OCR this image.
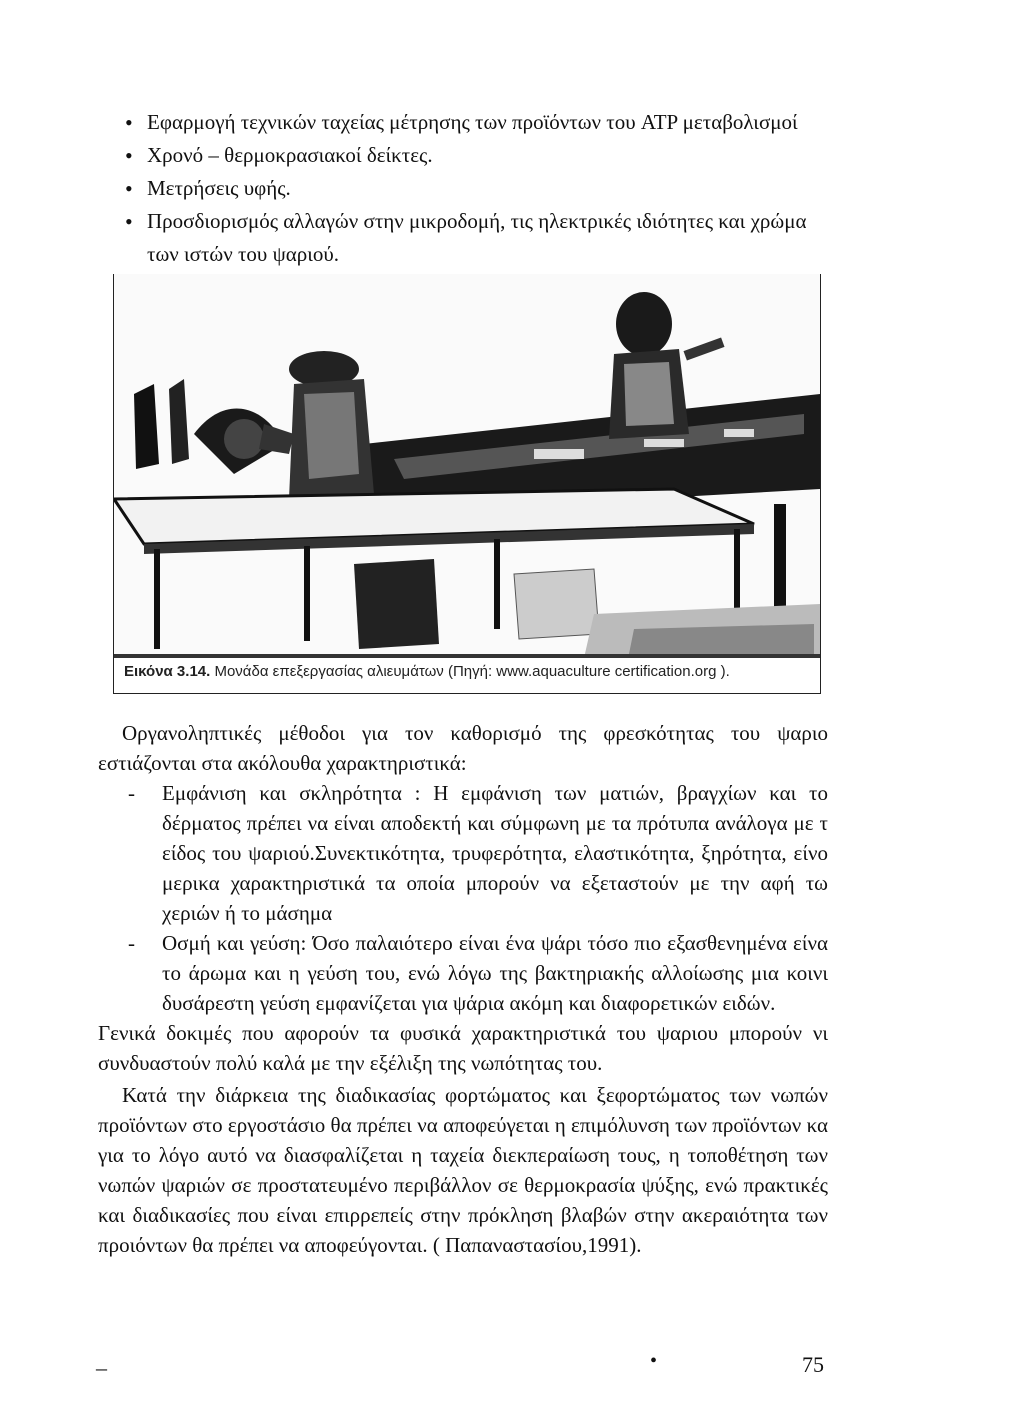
• Εφαρμογή τεχνικών ταχείας μέτρησης των προϊόντων του ATP μεταβολισμοί
• Χρονό – θερμοκρασιακοί δείκτες.
• Μετρήσεις υφής.
• Προσδιορισμός αλλαγών στην μικροδομή, τις ηλεκτρικές ιδιότητες και χρώμα των ιστών του ψαριού.
Εικόνα 3.14. Μονάδα επεξεργασίας αλιευμάτων (Πηγή: www.aquaculture certification.org ).

Οργανοληπτικές μέθοδοι για τον καθορισμό της φρεσκότητας του ψαριο εστιάζονται στα ακόλουθα χαρακτηριστικά:

- Εμφάνιση και σκληρότητα : Η εμφάνιση των ματιών, βραγχίων και το δέρματος πρέπει να είναι αποδεκτή και σύμφωνη με τα πρότυπα ανάλογα με τ είδος του ψαριού.Συνεκτικότητα, τρυφερότητα, ελαστικότητα, ξηρότητα, είνο μερικα χαρακτηριστικά τα οποία μπορούν να εξεταστούν με την αφή τω χεριών ή το μάσημα
- Οσμή και γεύση: Όσο παλαιότερο είναι ένα ψάρι τόσο πιο εξασθενημένα είνα το άρωμα και η γεύση του, ενώ λόγω της βακτηριακής αλλοίωσης μια κοινι δυσάρεστη γεύση εμφανίζεται για ψάρια ακόμη και διαφορετικών ειδών.

Γενικά δοκιμές που αφορούν τα φυσικά χαρακτηριστικά του ψαριου μπορούν νι συνδυαστούν πολύ καλά με την εξέλιξη της νωπότητας του.

Κατά την διάρκεια της διαδικασίας φορτώματος και ξεφορτώματος των νωπών προϊόντων στο εργοστάσιο θα πρέπει να αποφεύγεται η επιμόλυνση των προϊόντων κα για το λόγο αυτό να διασφαλίζεται η ταχεία διεκπεραίωση τους, η τοποθέτηση των νωπών ψαριών σε προστατευμένο περιβάλλον σε θερμοκρασία ψύξης, ενώ πρακτικές και διαδικασίες που είναι επιρρεπείς στην πρόκληση βλαβών στην ακεραιότητα των προιόντων θα πρέπει να αποφεύγονται. ( Παπαναστασίου,1991).

–	•	75
